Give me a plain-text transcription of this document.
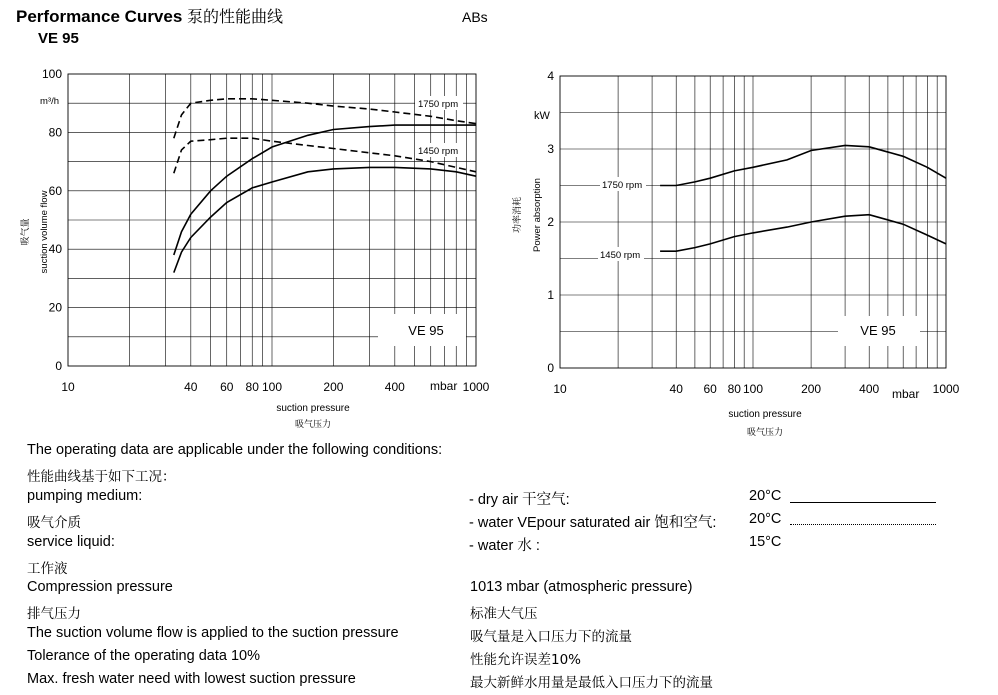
Performance Curves 泵的性能曲线	ABs
VE 95
10	40 60 80 100	200	400	1000
0
20
40
60
80
100
VE 95
1750 rpm
1450 rpm
m³/h
mbar
suction pressure
吸气压力
suction volume flow
吸气量
10	40 60 80 100	200	400	1000
0
1
2
3
4
VE 95
1750 rpm
1450 rpm
kW
mbar
suction pressure
吸气压力
Power absorption
功率消耗
The operating data are applicable under the following conditions:
性能曲线基于如下工况：
pumping medium:	- dry air 干空气:	20°C
吸气介质	- water VEpour saturated air 饱和空气: 20°C
service liquid:	- water 水 :	15°C
工作液
Compression pressure	1013 mbar (atmospheric pressure)
排气压力	标准大气压
The suction volume flow is applied to the suction pressure	吸气量是入口压力下的流量
Tolerance of the operating data 10%	性能允许误差10%
Max. fresh water need with lowest suction pressure	最大新鲜水用量是最低入口压力下的流量
